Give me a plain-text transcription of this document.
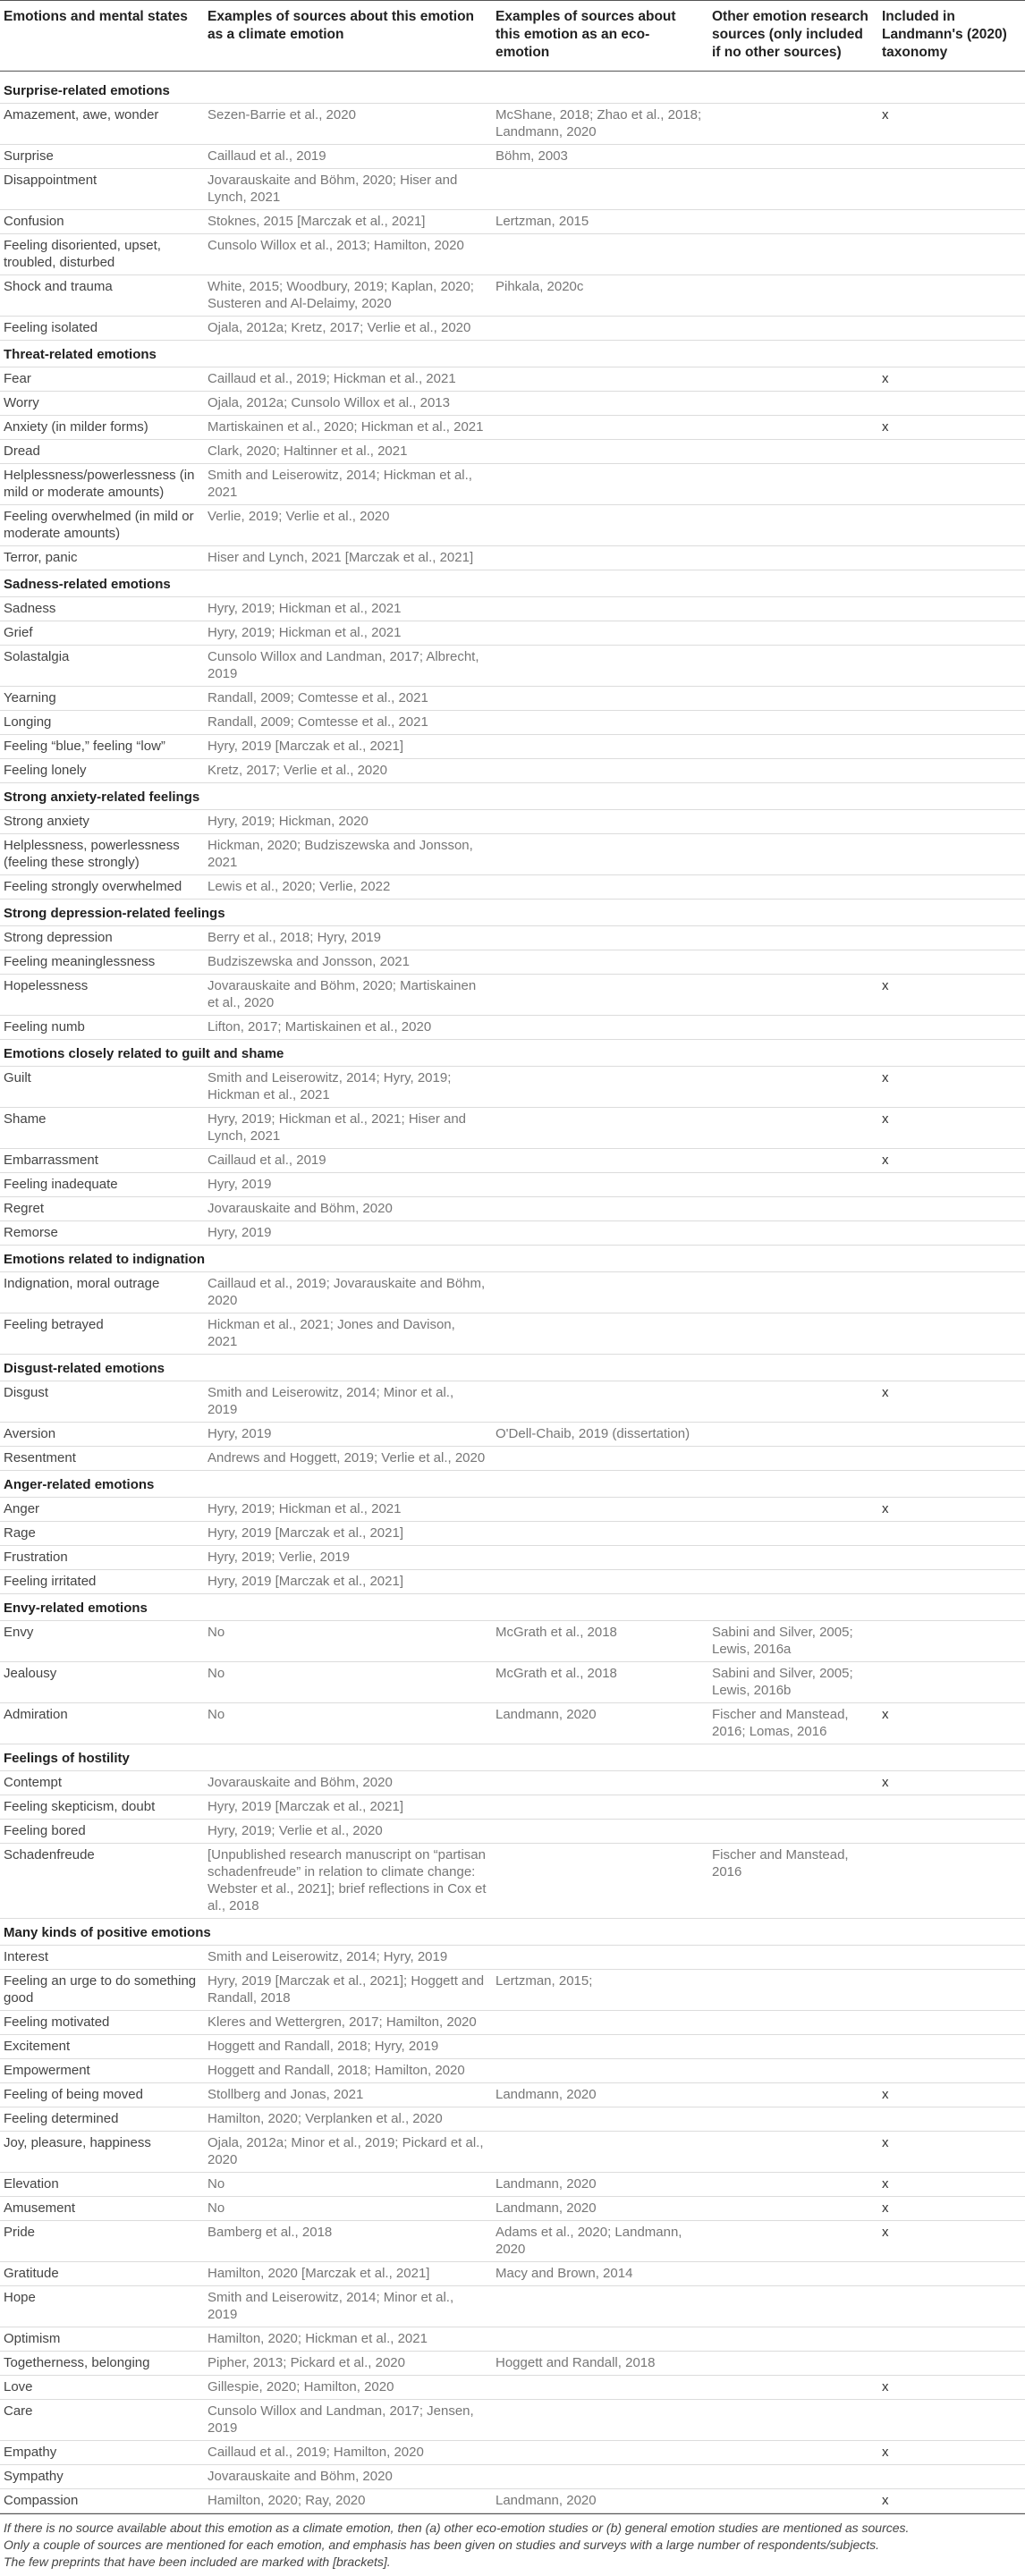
Emotions and mental states	Examples of sources about this emotion as a climate emotion	Examples of sources about this emotion as an eco-emotion	Other emotion research sources (only included if no other sources)	Included in Landmann's (2020) taxonomy
Surprise-related emotions				
Amazement, awe, wonder	Sezen-Barrie et al., 2020	McShane, 2018; Zhao et al., 2018; Landmann, 2020		x
Surprise	Caillaud et al., 2019	Böhm, 2003		
Disappointment	Jovarauskaite and Böhm, 2020; Hiser and Lynch, 2021			
Confusion	Stoknes, 2015 [Marczak et al., 2021]	Lertzman, 2015		
Feeling disoriented, upset, troubled, disturbed	Cunsolo Willox et al., 2013; Hamilton, 2020			
Shock and trauma	White, 2015; Woodbury, 2019; Kaplan, 2020; Susteren and Al-Delaimy, 2020	Pihkala, 2020c		
Feeling isolated	Ojala, 2012a; Kretz, 2017; Verlie et al., 2020			
Threat-related emotions				
Fear	Caillaud et al., 2019; Hickman et al., 2021			x
Worry	Ojala, 2012a; Cunsolo Willox et al., 2013			
Anxiety (in milder forms)	Martiskainen et al., 2020; Hickman et al., 2021			x
Dread	Clark, 2020; Haltinner et al., 2021			
Helplessness/powerlessness (in mild or moderate amounts)	Smith and Leiserowitz, 2014; Hickman et al., 2021			
Feeling overwhelmed (in mild or moderate amounts)	Verlie, 2019; Verlie et al., 2020			
Terror, panic	Hiser and Lynch, 2021 [Marczak et al., 2021]			
Sadness-related emotions				
Sadness	Hyry, 2019; Hickman et al., 2021			
Grief	Hyry, 2019; Hickman et al., 2021			
Solastalgia	Cunsolo Willox and Landman, 2017; Albrecht, 2019			
Yearning	Randall, 2009; Comtesse et al., 2021			
Longing	Randall, 2009; Comtesse et al., 2021			
Feeling “blue,” feeling “low”	Hyry, 2019 [Marczak et al., 2021]			
Feeling lonely	Kretz, 2017; Verlie et al., 2020			
Strong anxiety-related feelings				
Strong anxiety	Hyry, 2019; Hickman, 2020			
Helplessness, powerlessness (feeling these strongly)	Hickman, 2020; Budziszewska and Jonsson, 2021			
Feeling strongly overwhelmed	Lewis et al., 2020; Verlie, 2022			
Strong depression-related feelings				
Strong depression	Berry et al., 2018; Hyry, 2019			
Feeling meaninglessness	Budziszewska and Jonsson, 2021			
Hopelessness	Jovarauskaite and Böhm, 2020; Martiskainen et al., 2020			x
Feeling numb	Lifton, 2017; Martiskainen et al., 2020			
Emotions closely related to guilt and shame				
Guilt	Smith and Leiserowitz, 2014; Hyry, 2019; Hickman et al., 2021			x
Shame	Hyry, 2019; Hickman et al., 2021; Hiser and Lynch, 2021			x
Embarrassment	Caillaud et al., 2019			x
Feeling inadequate	Hyry, 2019			
Regret	Jovarauskaite and Böhm, 2020			
Remorse	Hyry, 2019			
Emotions related to indignation				
Indignation, moral outrage	Caillaud et al., 2019; Jovarauskaite and Böhm, 2020			
Feeling betrayed	Hickman et al., 2021; Jones and Davison, 2021			
Disgust-related emotions				
Disgust	Smith and Leiserowitz, 2014; Minor et al., 2019			x
Aversion	Hyry, 2019	O'Dell-Chaib, 2019 (dissertation)		
Resentment	Andrews and Hoggett, 2019; Verlie et al., 2020			
Anger-related emotions				
Anger	Hyry, 2019; Hickman et al., 2021			x
Rage	Hyry, 2019 [Marczak et al., 2021]			
Frustration	Hyry, 2019; Verlie, 2019			
Feeling irritated	Hyry, 2019 [Marczak et al., 2021]			
Envy-related emotions				
Envy	No	McGrath et al., 2018	Sabini and Silver, 2005; Lewis, 2016a	
Jealousy	No	McGrath et al., 2018	Sabini and Silver, 2005; Lewis, 2016b	
Admiration	No	Landmann, 2020	Fischer and Manstead, 2016; Lomas, 2016	x
Feelings of hostility				
Contempt	Jovarauskaite and Böhm, 2020			x
Feeling skepticism, doubt	Hyry, 2019 [Marczak et al., 2021]			
Feeling bored	Hyry, 2019; Verlie et al., 2020			
Schadenfreude	[Unpublished research manuscript on “partisan schadenfreude” in relation to climate change: Webster et al., 2021]; brief reflections in Cox et al., 2018		Fischer and Manstead, 2016	
Many kinds of positive emotions				
Interest	Smith and Leiserowitz, 2014; Hyry, 2019			
Feeling an urge to do something good	Hyry, 2019 [Marczak et al., 2021]; Hoggett and Randall, 2018	Lertzman, 2015;		
Feeling motivated	Kleres and Wettergren, 2017; Hamilton, 2020			
Excitement	Hoggett and Randall, 2018; Hyry, 2019			
Empowerment	Hoggett and Randall, 2018; Hamilton, 2020			
Feeling of being moved	Stollberg and Jonas, 2021	Landmann, 2020		x
Feeling determined	Hamilton, 2020; Verplanken et al., 2020			
Joy, pleasure, happiness	Ojala, 2012a; Minor et al., 2019; Pickard et al., 2020			x
Elevation	No	Landmann, 2020		x
Amusement	No	Landmann, 2020		x
Pride	Bamberg et al., 2018	Adams et al., 2020; Landmann, 2020		x
Gratitude	Hamilton, 2020 [Marczak et al., 2021]	Macy and Brown, 2014		
Hope	Smith and Leiserowitz, 2014; Minor et al., 2019			
Optimism	Hamilton, 2020; Hickman et al., 2021			
Togetherness, belonging	Pipher, 2013; Pickard et al., 2020	Hoggett and Randall, 2018		
Love	Gillespie, 2020; Hamilton, 2020			x
Care	Cunsolo Willox and Landman, 2017; Jensen, 2019			
Empathy	Caillaud et al., 2019; Hamilton, 2020			x
Sympathy	Jovarauskaite and Böhm, 2020			
Compassion	Hamilton, 2020; Ray, 2020	Landmann, 2020		x

If there is no source available about this emotion as a climate emotion, then (a) other eco-emotion studies or (b) general emotion studies are mentioned as sources.

Only a couple of sources are mentioned for each emotion, and emphasis has been given on studies and surveys with a large number of respondents/subjects.

The few preprints that have been included are marked with [brackets].
